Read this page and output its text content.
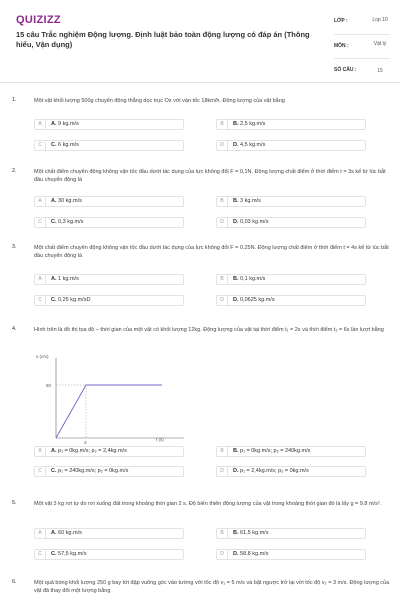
QUIZIZZ
15 câu Trắc nghiệm Động lượng. Định luật bảo toàn động lượng có đáp án (Thông hiểu, Vận dụng)
LỚP :	Lop 10
MÔN :	Vật lý
SỐ CÂU :	15
1.	Một vật khối lượng 500g chuyển động thẳng dọc trục Ox với vận tốc 18km/h. Động lượng của vật bằng
A	A. 9 kg.m/s	B	B. 2,5 kg.m/s
C	C. 6 kg.m/s	D	D. 4,5 kg.m/s
2.	Một chất điểm chuyển động không vận tốc đầu dưới tác dụng của lực không đổi F = 0,1N. Động lượng chất điểm ở thời điểm t = 3s kể từ lúc bắt đầu chuyển động là
A	A. 30 kg.m/s	B	B. 3 kg.m/s
C	C. 0,3 kg.m/s	D	D. 0,03 kg.m/s
3.	Một chất điểm chuyển động không vận tốc đầu dưới tác dụng của lực không đổi F = 0,25N. Động lượng chất điểm ở thời điểm t = 4s kể từ lúc bắt đầu chuyển động là
A	A. 1 kg.m/s	B	B. 0,1 kg.m/s
C	C. 0,25 kg.m/sD	D	D. 0,0625 kg.m/s
4.	Hình trên là đồ thị tọa độ – thời gian của một vật có khối lượng 12kg. Động lượng của vật tại thời điểm t₁ = 2s và thời điểm t₂ = 6s lần lượt bằng
x (cm)
60
3
t (s)
A	A. p₁ = 0kg.m/s; p₂ = 2,4kg.m/s	B	B. p₁ = 0kg.m/s; p₂ = 240kg.m/s
C	C. p₁ = 240kg.m/s; p₂ = 0kg.m/s	D	D. p₁ = 2,4kg.m/s; p₂ = 0kg.m/s
5.	Một vật 3 kg rơi tự do rơi xuống đất trong khoảng thời gian 2 s. Độ biến thiên động lượng của vật trong khoảng thời gian đó là lấy g = 9,8 m/s².
A	A. 60 kg.m/s	B	B. 61,5 kg.m/s
C	C. 57,5 kg.m/s	D	D. 58,8 kg.m/s
6.	Một quả bóng khối lượng 250 g bay tới đập vuông góc vào tường với tốc độ v₁ = 5 m/s và bật ngược trở lại với tốc độ v₂ = 3 m/s. Động lượng của vật đã thay đổi một lượng bằng
